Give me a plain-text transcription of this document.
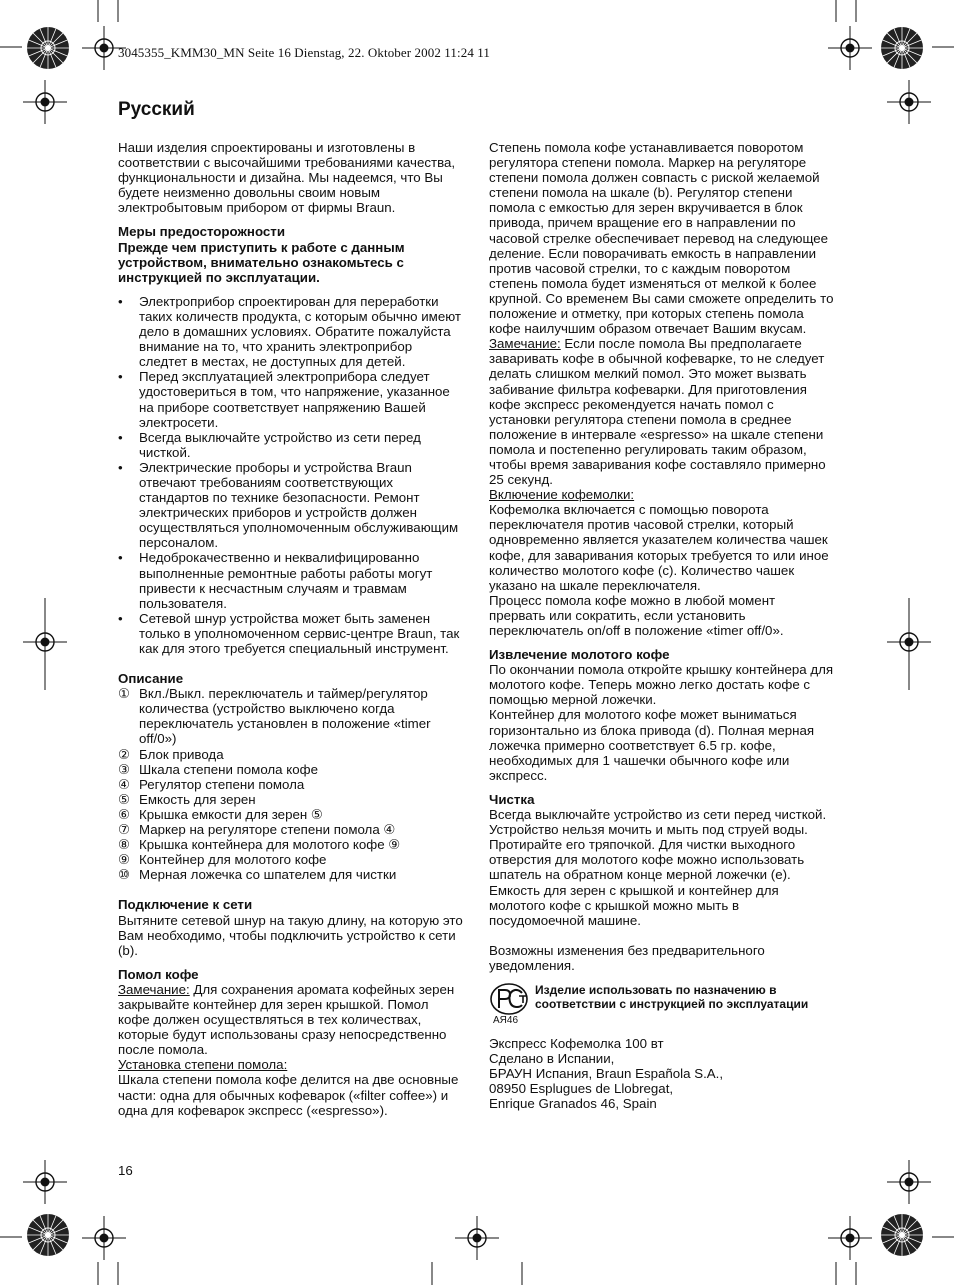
3045355_KMM30_MN Seite 16 Dienstag, 22. Oktober 2002 11:24 11
Русский

Наши изделия спроектированы и изготовлены в соответствии с высочайшими требованиями качества, функциональности и дизайна. Мы надеемся, что Вы будете неизменно довольны своим новым электробытовым прибором от фирмы Braun.

Меры предосторожности

Прежде чем приступить к работе с данным устройством, внимательно ознакомьтесь с инструкцией по эксплуатации.

• Электроприбор спроектирован для переработки таких количеств продукта, с которым обычно имеют дело в домашних условиях. Обратите пожалуйста внимание на то, что хранить электроприбор следтет в местах, не доступных для детей.
• Перед эксплуатацией электроприбора следует удостовериться в том, что напряжение, указанное на приборе соответствует напряжению Вашей электросети.
• Всегда выключайте устройство из сети перед чисткой.
• Электрические проборы и устройства Braun отвечают требованиям соответствующих стандартов по технике безопасности. Ремонт электрических приборов и устройств должен осуществляться уполномоченным обслуживающим персоналом.
• Недоброкачественно и неквалифицированно выполненные ремонтные работы работы могут привести к несчастным случаям и травмам пользователя.
• Сетевой шнур устройства может быть заменен только в уполномоченном сервис-центре Braun, так как для этого требуется специальный инструмент.

Описание

① Вкл./Выкл. переключатель и таймер/регулятор количества (устройство выключено когда переключатель установлен в положение «timer off/0»)
② Блок привода
③ Шкала степени помола кофе
④ Регулятор степени помола
⑤ Емкость для зерен
⑥ Крышка емкости для зерен ⑤
⑦ Маркер на регуляторе степени помола ④
⑧ Крышка контейнера для молотого кофе ⑨
⑨ Контейнер для молотого кофе
⑩ Мерная ложечка со шпателем для чистки

Подключение к сети

Вытяните сетевой шнур на такую длину, на которую это Вам необходимо, чтобы подключить устройство к сети (b).

Помол кофе

Замечание: Для сохранения аромата кофейных зерен закрывайте контейнер для зерен крышкой. Помол кофе должен осуществляться в тех количествах, которые будут использованы сразу непосредственно после помола.

Установка степени помола:

Шкала степени помола кофе делится на две основные части: одна для обычных кофеварок («filter coffee») и одна для кофеварок экспресс («espresso»).

Степень помола кофе устанавливается поворотом регулятора степени помола. Маркер на регуляторе степени помола должен совпасть с риской желаемой степени помола на шкале (b). Регулятор степени помола с емкостью для зерен вкручивается в блок привода, причем вращение его в направлении по часовой стрелке обеспечивает перевод на следующее деление. Если поворачивать емкость в направлении против часовой стрелки, то с каждым поворотом степень помола будет изменяться от мелкой к более крупной. Со временем Вы сами сможете определить то положение и отметку, при которых степень помола кофе наилучшим образом отвечает Вашим вкусам.

Замечание: Если после помола Вы предполагаете заваривать кофе в обычной кофеварке, то не следует делать слишком мелкий помол. Это может вызвать забивание фильтра кофеварки. Для приготовления кофе экспресс рекомендуется начать помол с установки регулятора степени помола в среднее положение в интервале «espresso» на шкале степени помола и постепенно регулировать таким образом, чтобы время заваривания кофе составляло примерно 25 секунд.

Включение кофемолки:

Кофемолка включается с помощью поворота переключателя против часовой стрелки, который одновременно является указателем количества чашек кофе, для заваривания которых требуется то или иное количество молотого кофе (c). Количество чашек указано на шкале переключателя.

Процесс помола кофе можно в любой момент прервать или сократить, если установить переключатель on/off в положение «timer off/0».

Извлечение молотого кофе

По окончании помола откройте крышку контейнера для молотого кофе. Теперь можно легко достать кофе с помощью мерной ложечки.

Контейнер для молотого кофе может выниматься горизонтально из блока привода (d). Полная мерная ложечка примерно соответствует 6.5 гр. кофе, необходимых для 1 чашечки обычного кофе или экспресс.

Чистка

Всегда выключайте устройство из сети перед чисткой. Устройство нельзя мочить и мыть под струей воды. Протирайте его тряпочкой. Для чистки выходного отверстия для молотого кофе можно использовать шпатель на обратном конце мерной ложечки (e).

Емкость для зерен с крышкой и контейнер для молотого кофе с крышкой можно мыть в посудомоечной машине.

Возможны изменения без предварительного уведомления.

АЯ46
Изделие использовать по назначению в соответствии с инструкцией по эксплуатации

Экспресс Кофемолка 100 вт

Сделано в Испании,

БРАУН Испания, Braun Española S.A.,

08950 Esplugues de Llobregat,

Enrique Granados 46, Spain

16
